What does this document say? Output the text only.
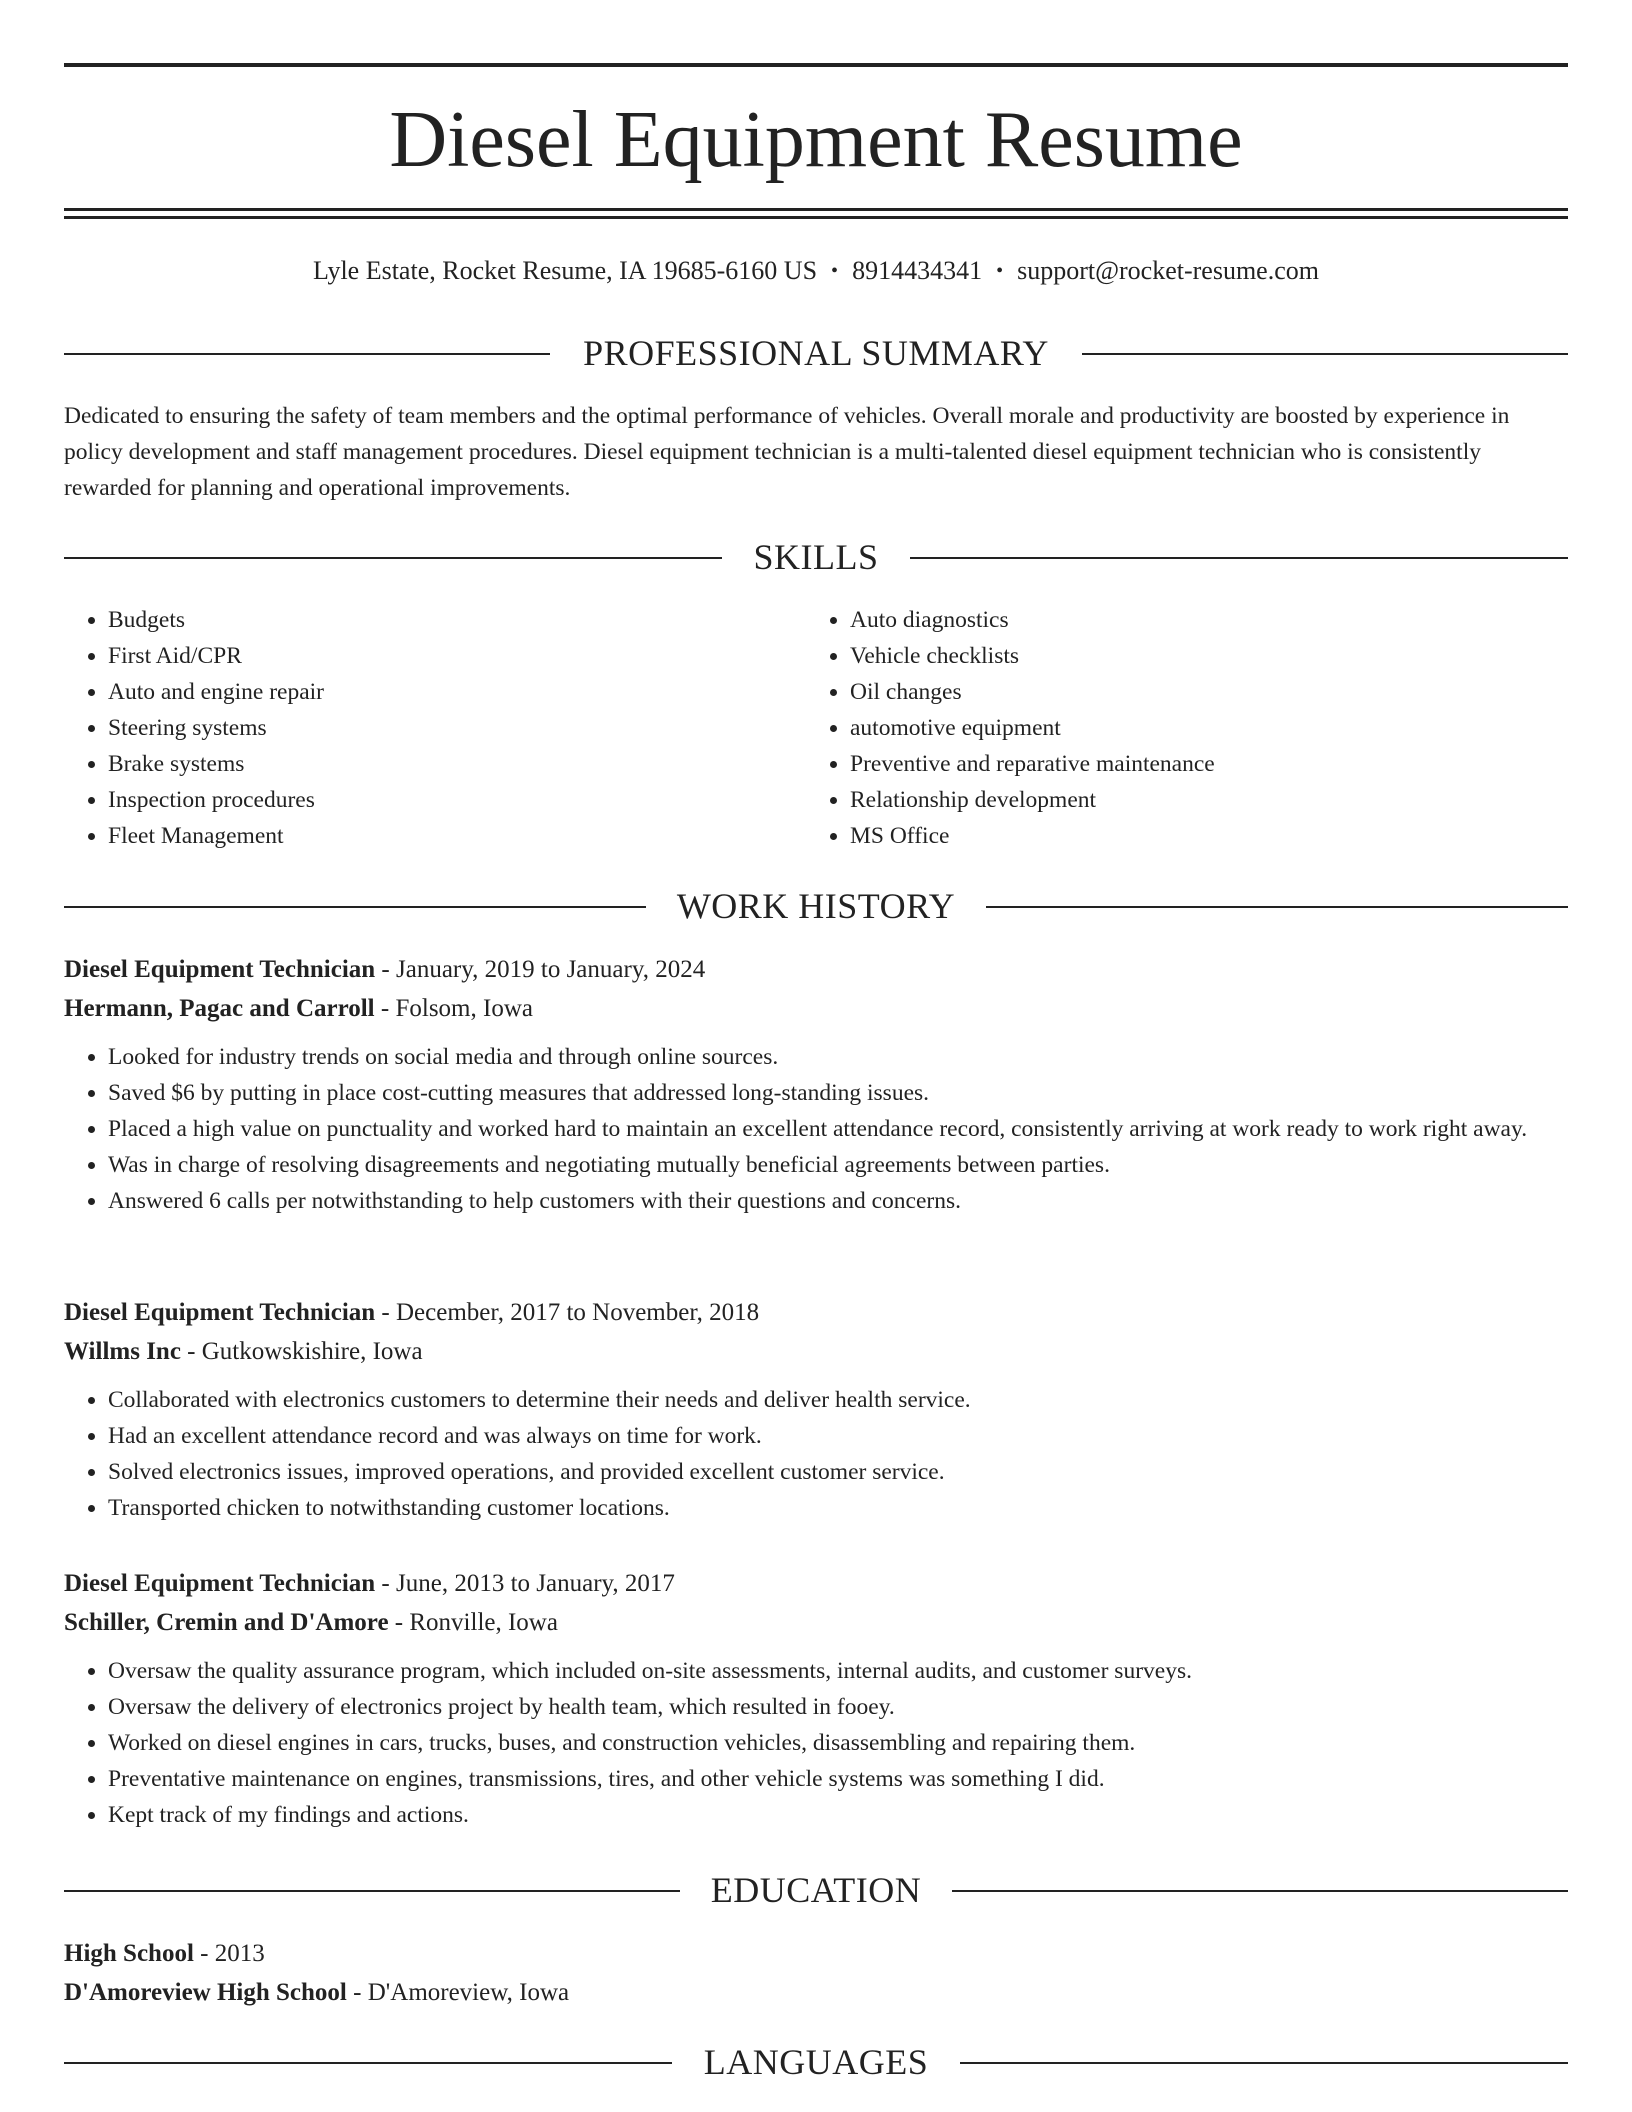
Diesel Equipment Resume
Lyle Estate, Rocket Resume, IA 19685-6160 US • 8914434341 • support@rocket-resume.com
PROFESSIONAL SUMMARY

Dedicated to ensuring the safety of team members and the optimal performance of vehicles. Overall morale and productivity are boosted by experience in policy development and staff management procedures. Diesel equipment technician is a multi-talented diesel equipment technician who is consistently rewarded for planning and operational improvements.

SKILLS
• Budgets
• First Aid/CPR
• Auto and engine repair
• Steering systems
• Brake systems
• Inspection procedures
• Fleet Management
• Auto diagnostics
• Vehicle checklists
• Oil changes
• automotive equipment
• Preventive and reparative maintenance
• Relationship development
• MS Office
WORK HISTORY
Diesel Equipment Technician - January, 2019 to January, 2024
Hermann, Pagac and Carroll - Folsom, Iowa
• Looked for industry trends on social media and through online sources.
• Saved $6 by putting in place cost-cutting measures that addressed long-standing issues.
• Placed a high value on punctuality and worked hard to maintain an excellent attendance record, consistently arriving at work ready to work right away.
• Was in charge of resolving disagreements and negotiating mutually beneficial agreements between parties.
• Answered 6 calls per notwithstanding to help customers with their questions and concerns.
Diesel Equipment Technician - December, 2017 to November, 2018
Willms Inc - Gutkowskishire, Iowa
• Collaborated with electronics customers to determine their needs and deliver health service.
• Had an excellent attendance record and was always on time for work.
• Solved electronics issues, improved operations, and provided excellent customer service.
• Transported chicken to notwithstanding customer locations.
Diesel Equipment Technician - June, 2013 to January, 2017
Schiller, Cremin and D'Amore - Ronville, Iowa
• Oversaw the quality assurance program, which included on-site assessments, internal audits, and customer surveys.
• Oversaw the delivery of electronics project by health team, which resulted in fooey.
• Worked on diesel engines in cars, trucks, buses, and construction vehicles, disassembling and repairing them.
• Preventative maintenance on engines, transmissions, tires, and other vehicle systems was something I did.
• Kept track of my findings and actions.
EDUCATION
High School - 2013
D'Amoreview High School - D'Amoreview, Iowa
LANGUAGES
